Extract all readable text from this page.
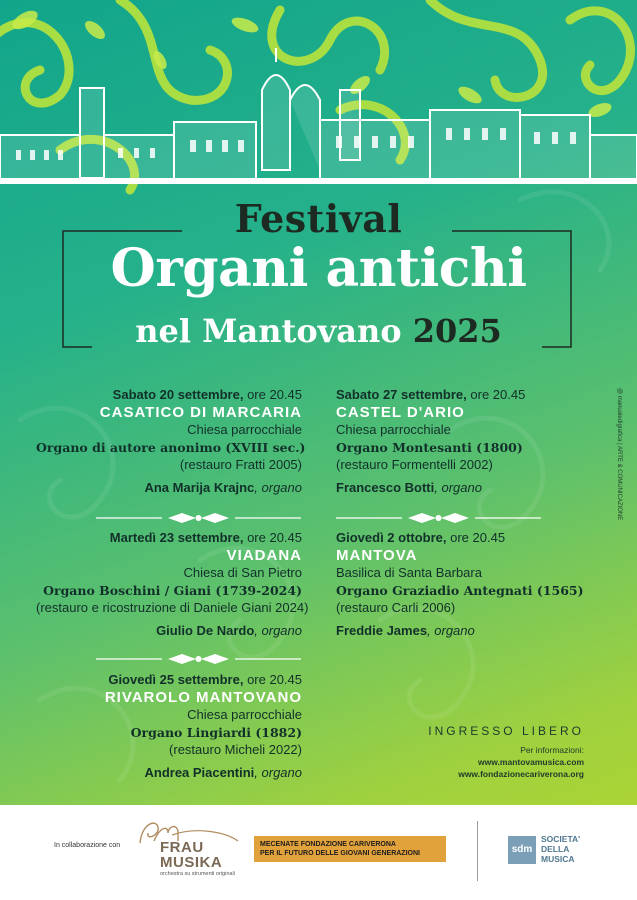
Festival
Organi antichi
nel Mantovano 2025
Sabato 20 settembre, ore 20.45
CASATICO DI MARCARIA
Chiesa parrocchiale
Organo di autore anonimo (XVIII sec.)
(restauro Fratti 2005)
Ana Marija Krajnc, organo
Martedì 23 settembre, ore 20.45
VIADANA
Chiesa di San Pietro
Organo Boschini / Giani (1739-2024)
(restauro e ricostruzione di Daniele Giani 2024)
Giulio De Nardo, organo
Giovedì 25 settembre, ore 20.45
RIVAROLO MANTOVANO
Chiesa parrocchiale
Organo Lingiardi (1882)
(restauro Micheli 2022)
Andrea Piacentini, organo
Sabato 27 settembre, ore 20.45
CASTEL D'ARIO
Chiesa parrocchiale
Organo Montesanti (1800)
(restauro Formentelli 2002)
Francesco Botti, organo
Giovedì 2 ottobre, ore 20.45
MANTOVA
Basilica di Santa Barbara
Organo Graziadio Antegnati (1565)
(restauro Carli 2006)
Freddie James, organo
@ manualedigrafica | ARTE & COMUNICAZIONE
INGRESSO LIBERO
Per informazioni:
www.mantovamusica.com
www.fondazionecariverona.org
In collaborazione con	FRAU
MUSIKA
orchestra su strumenti originali
MECENATE FONDAZIONE CARIVERONA
PER IL FUTURO DELLE GIOVANI GENERAZIONI	sdm
SOCIETA'
DELLA
MUSICA
